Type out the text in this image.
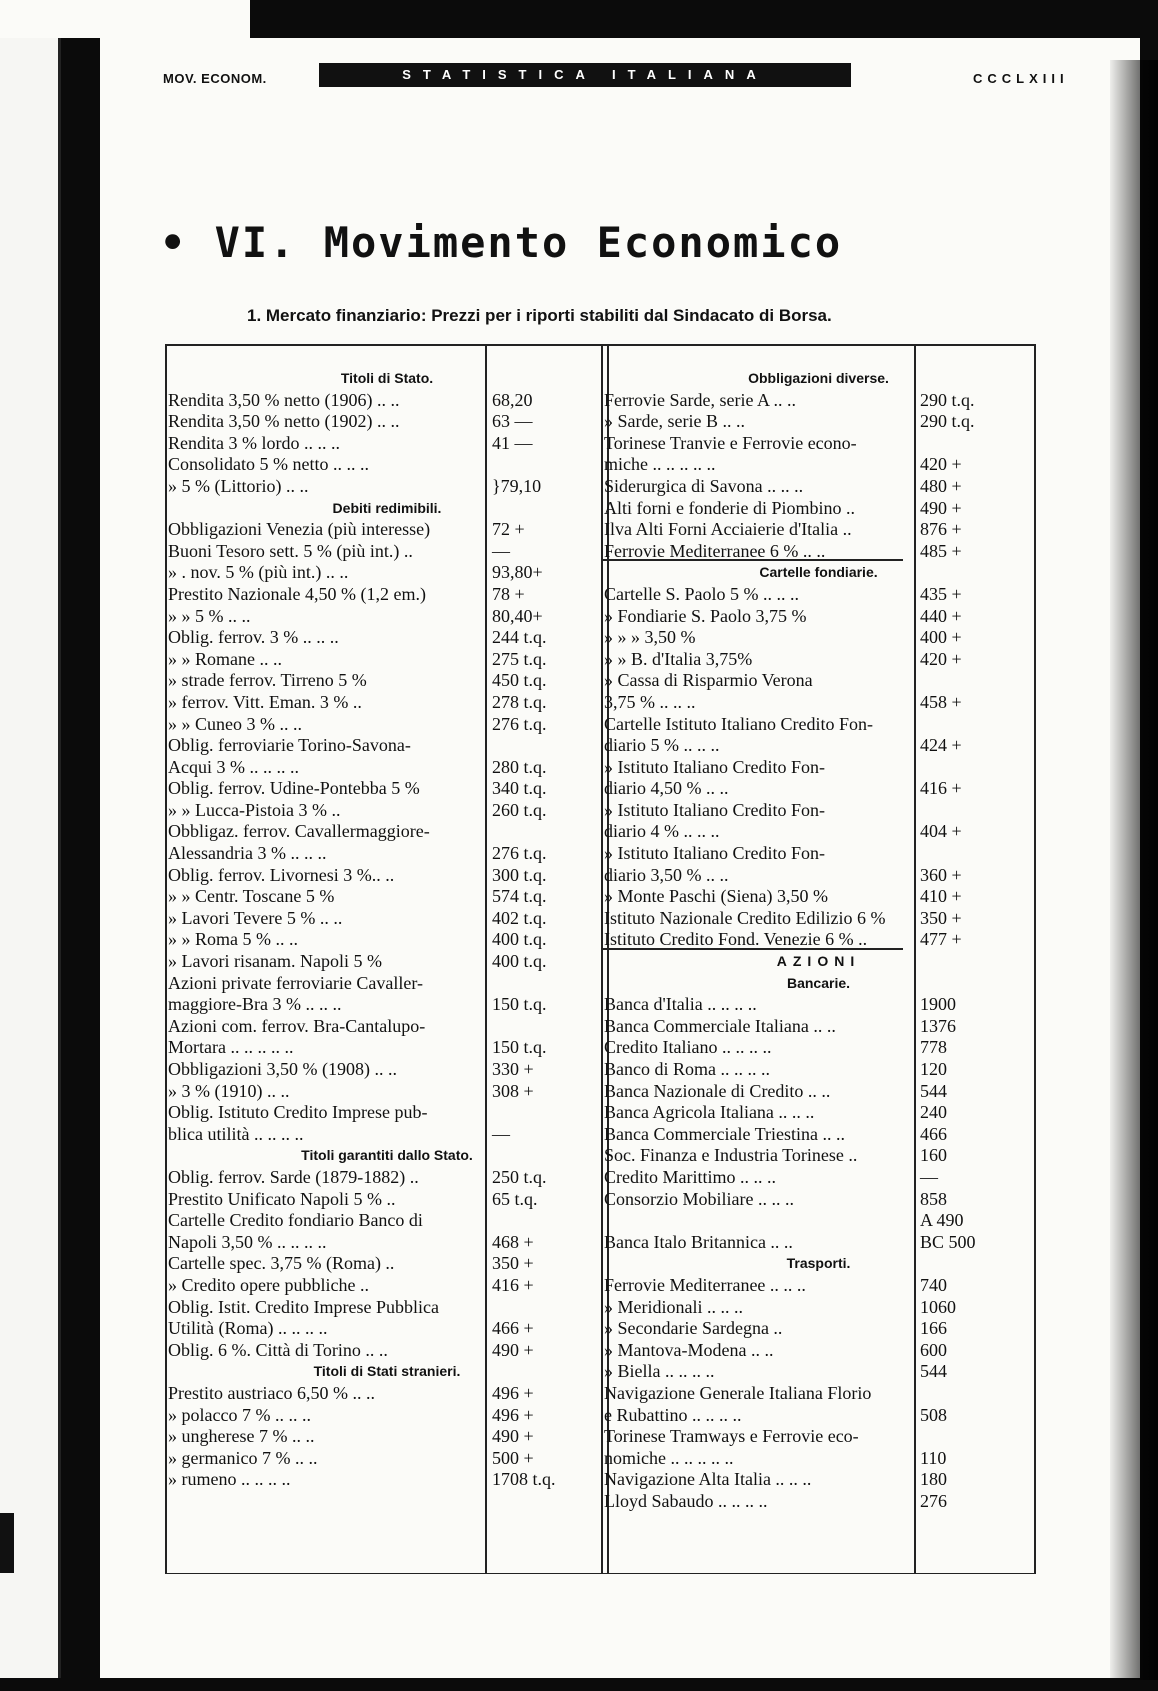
MOV. ECONOM.	STATISTICA ITALIANA	CCCLXIII
• VI. Movimento Economico
1. Mercato finanziario: Prezzi per i riporti stabiliti dal Sindacato di Borsa.
Titoli di Stato.
Rendita 3,50 % netto (1906) .. ..	68,20
Rendita 3,50 % netto (1902) .. ..	63 —
Rendita 3 % lordo .. .. ..	41 —
Consolidato 5 % netto .. .. ..
» 5 % (Littorio) .. ..	}79,10
Debiti redimibili.
Obbligazioni Venezia (più interesse)	72 +
Buoni Tesoro sett. 5 % (più int.) ..	—
» . nov. 5 % (più int.) .. ..	93,80+
Prestito Nazionale 4,50 % (1,2 em.)	78 +
» » 5 % .. ..	80,40+
Oblig. ferrov. 3 % .. .. ..	244 t.q.
» » Romane .. ..	275 t.q.
» strade ferrov. Tirreno 5 %	450 t.q.
» ferrov. Vitt. Eman. 3 % ..	278 t.q.
» » Cuneo 3 % .. ..	276 t.q.
Oblig. ferroviarie Torino-Savona-
Acqui 3 % .. .. .. ..	280 t.q.
Oblig. ferrov. Udine-Pontebba 5 %	340 t.q.
» » Lucca-Pistoia 3 % ..	260 t.q.
Obbligaz. ferrov. Cavallermaggiore-
Alessandria 3 % .. .. ..	276 t.q.
Oblig. ferrov. Livornesi 3 %.. ..	300 t.q.
» » Centr. Toscane 5 %	574 t.q.
» Lavori Tevere 5 % .. ..	402 t.q.
» » Roma 5 % .. ..	400 t.q.
» Lavori risanam. Napoli 5 %	400 t.q.
Azioni private ferroviarie Cavaller-
maggiore-Bra 3 % .. .. ..	150 t.q.
Azioni com. ferrov. Bra-Cantalupo-
Mortara .. .. .. .. ..	150 t.q.
Obbligazioni 3,50 % (1908) .. ..	330 +
» 3 % (1910) .. ..	308 +
Oblig. Istituto Credito Imprese pub-
blica utilità .. .. .. ..	—
Titoli garantiti dallo Stato.
Oblig. ferrov. Sarde (1879-1882) ..	250 t.q.
Prestito Unificato Napoli 5 % ..	65 t.q.
Cartelle Credito fondiario Banco di
Napoli 3,50 % .. .. .. ..	468 +
Cartelle spec. 3,75 % (Roma) ..	350 +
» Credito opere pubbliche ..	416 +
Oblig. Istit. Credito Imprese Pubblica
Utilità (Roma) .. .. .. ..	466 +
Oblig. 6 %. Città di Torino .. ..	490 +
Titoli di Stati stranieri.
Prestito austriaco 6,50 % .. ..	496 +
» polacco 7 % .. .. ..	496 +
» ungherese 7 % .. ..	490 +
» germanico 7 % .. ..	500 +
» rumeno .. .. .. ..	1708 t.q.
Obbligazioni diverse.
Ferrovie Sarde, serie A .. ..	290 t.q.
» Sarde, serie B .. ..	290 t.q.
Torinese Tranvie e Ferrovie econo-
miche .. .. .. .. ..	420 +
Siderurgica di Savona .. .. ..	480 +
Alti forni e fonderie di Piombino ..	490 +
Ilva Alti Forni Acciaierie d'Italia ..	876 +
Ferrovie Mediterranee 6 % .. ..	485 +
Cartelle fondiarie.
Cartelle S. Paolo 5 % .. .. ..	435 +
» Fondiarie S. Paolo 3,75 %	440 +
» » » 3,50 %	400 +
» » B. d'Italia 3,75%	420 +
» Cassa di Risparmio Verona
3,75 % .. .. ..	458 +
Cartelle Istituto Italiano Credito Fon-
diario 5 % .. .. ..	424 +
» Istituto Italiano Credito Fon-
diario 4,50 % .. ..	416 +
» Istituto Italiano Credito Fon-
diario 4 % .. .. ..	404 +
» Istituto Italiano Credito Fon-
diario 3,50 % .. ..	360 +
» Monte Paschi (Siena) 3,50 %	410 +
Istituto Nazionale Credito Edilizio 6 % 350 +
Istituto Credito Fond. Venezie 6 % ..	477 +
AZIONI
Bancarie.
Banca d'Italia .. .. .. ..	1900
Banca Commerciale Italiana .. ..	1376
Credito Italiano .. .. .. ..	778
Banco di Roma .. .. .. ..	120
Banca Nazionale di Credito .. ..	544
Banca Agricola Italiana .. .. ..	240
Banca Commerciale Triestina .. ..	466
Soc. Finanza e Industria Torinese ..	160
Credito Marittimo .. .. ..	—
Consorzio Mobiliare .. .. ..	858
A 490
Banca Italo Britannica .. ..	BC 500
Trasporti.
Ferrovie Mediterranee .. .. ..	740
» Meridionali .. .. ..	1060
» Secondarie Sardegna ..	166
» Mantova-Modena .. ..	600
» Biella .. .. .. ..	544
Navigazione Generale Italiana Florio
e Rubattino .. .. .. ..	508
Torinese Tramways e Ferrovie eco-
nomiche .. .. .. .. ..	110
Navigazione Alta Italia .. .. ..	180
Lloyd Sabaudo .. .. .. ..	276
